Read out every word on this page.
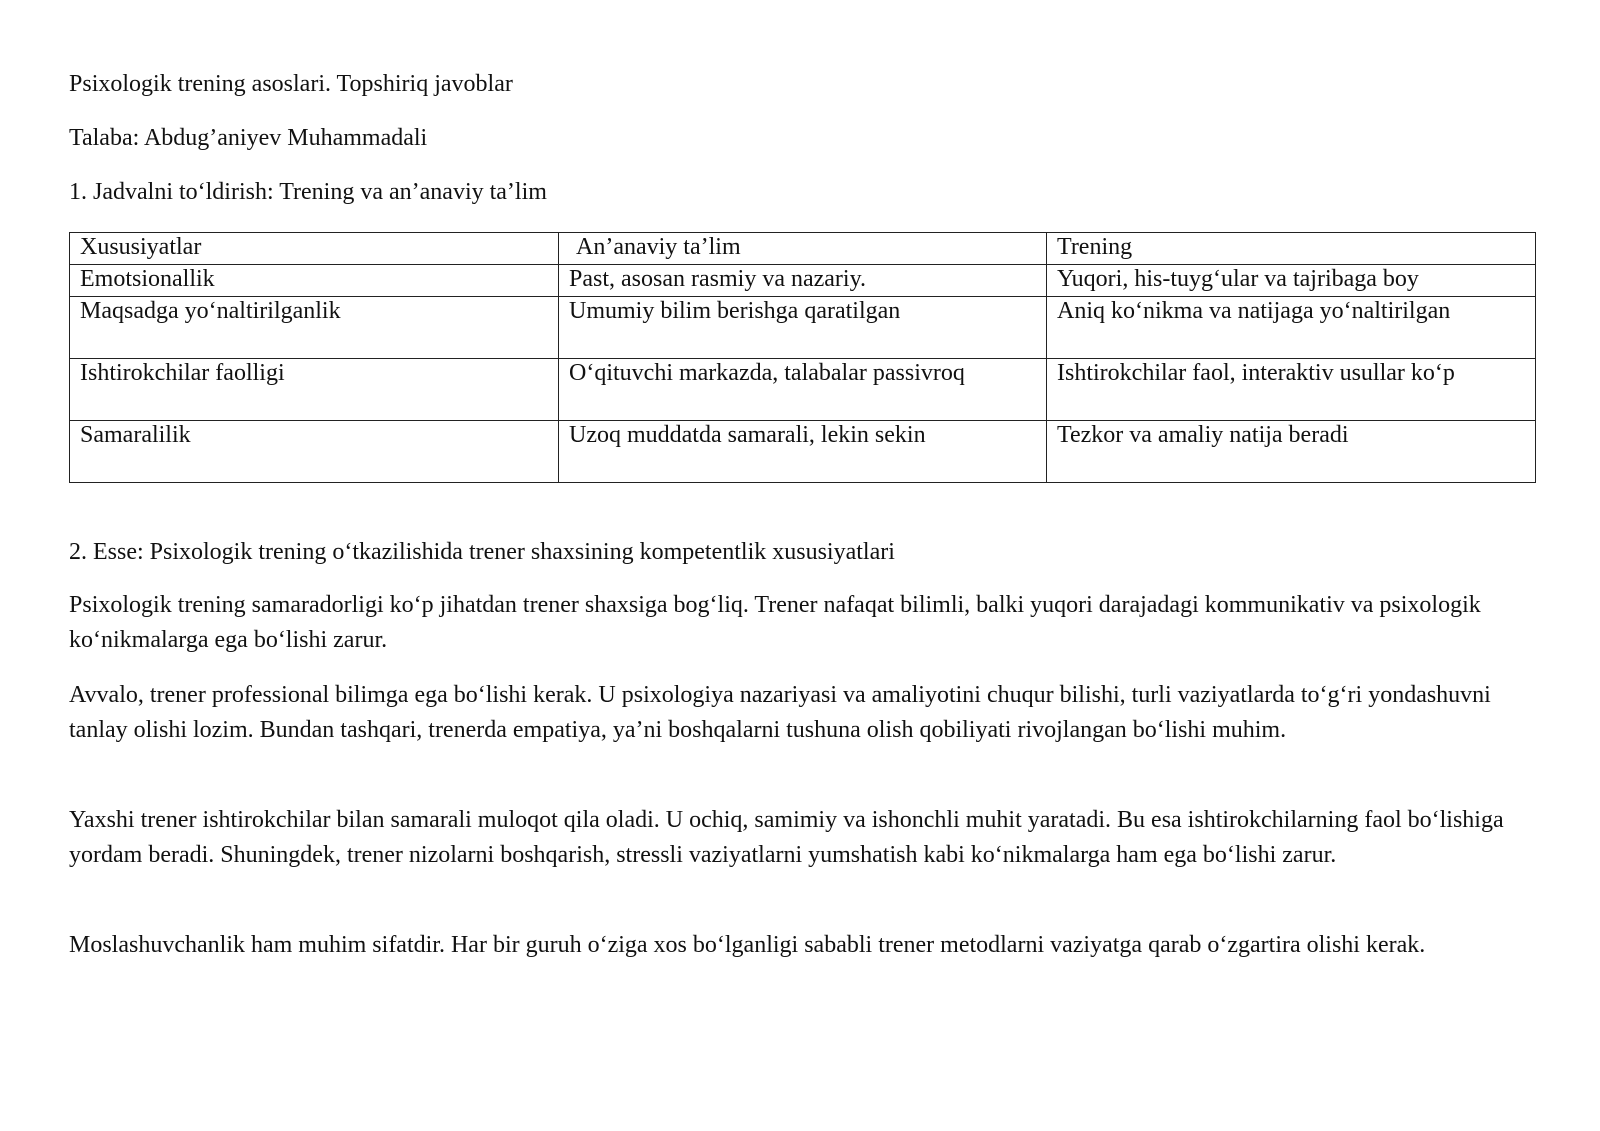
Psixologik trening asoslari. Topshiriq javoblar

Talaba: Abdug’aniyev Muhammadali

1. Jadvalni to‘ldirish: Trening va an’anaviy ta’lim

Xususiyatlar	An’anaviy ta’lim	Trening
Emotsionallik	Past, asosan rasmiy va nazariy.	Yuqori, his-tuyg‘ular va tajribaga boy
Maqsadga yo‘naltirilganlik	Umumiy bilim berishga qaratilgan	Aniq ko‘nikma va natijaga yo‘naltirilgan
Ishtirokchilar faolligi	O‘qituvchi markazda, talabalar passivroq	Ishtirokchilar faol, interaktiv usullar ko‘p
Samaralilik	Uzoq muddatda samarali, lekin sekin	Tezkor va amaliy natija beradi

2. Esse: Psixologik trening o‘tkazilishida trener shaxsining kompetentlik xususiyatlari

Psixologik trening samaradorligi ko‘p jihatdan trener shaxsiga bog‘liq. Trener nafaqat bilimli, balki yuqori darajadagi kommunikativ va psixologik ko‘nikmalarga ega bo‘lishi zarur.

Avvalo, trener professional bilimga ega bo‘lishi kerak. U psixologiya nazariyasi va amaliyotini chuqur bilishi, turli vaziyatlarda to‘g‘ri yondashuvni tanlay olishi lozim. Bundan tashqari, trenerda empatiya, ya’ni boshqalarni tushuna olish qobiliyati rivojlangan bo‘lishi muhim.

Yaxshi trener ishtirokchilar bilan samarali muloqot qila oladi. U ochiq, samimiy va ishonchli muhit yaratadi. Bu esa ishtirokchilarning faol bo‘lishiga yordam beradi. Shuningdek, trener nizolarni boshqarish, stressli vaziyatlarni yumshatish kabi ko‘nikmalarga ham ega bo‘lishi zarur.

Moslashuvchanlik ham muhim sifatdir. Har bir guruh o‘ziga xos bo‘lganligi sababli trener metodlarni vaziyatga qarab o‘zgartira olishi kerak.
